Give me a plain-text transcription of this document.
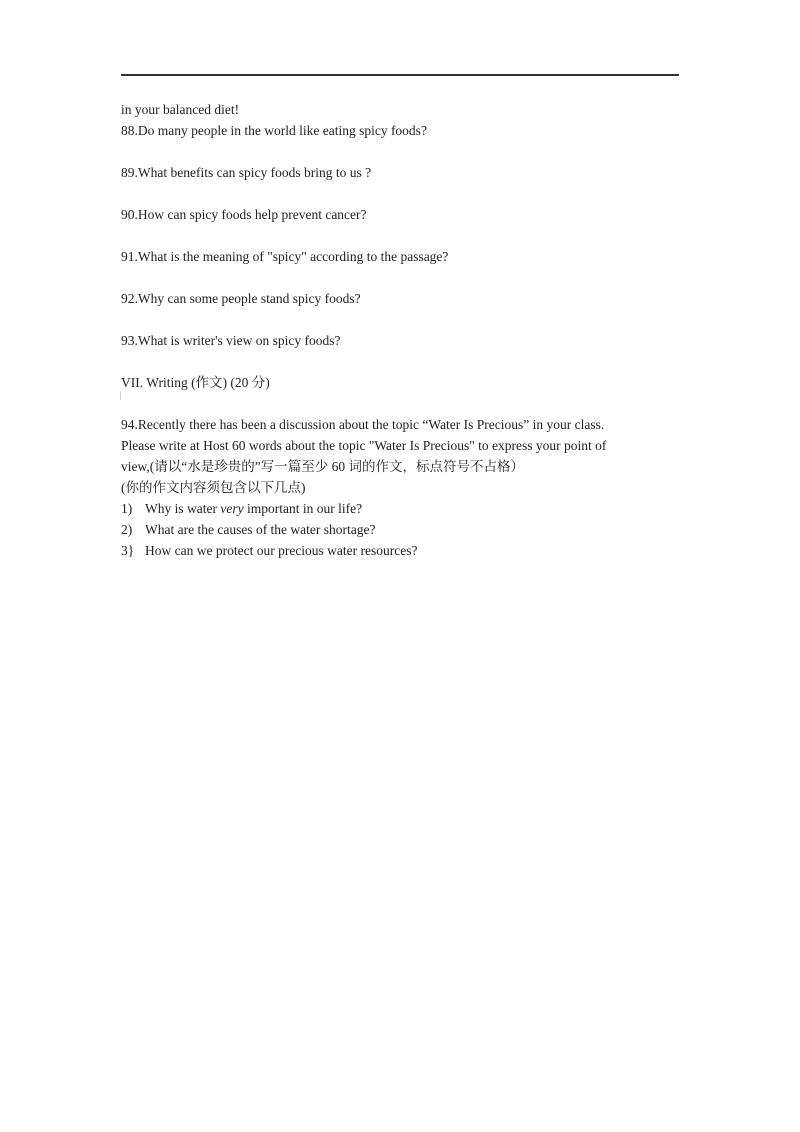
in your balanced diet!

88.Do many people in the world like eating spicy foods?

89.What benefits can spicy foods bring to us ?

90.How can spicy foods help prevent cancer?

91.What is the meaning of "spicy" according to the passage?

92.Why can some people stand spicy foods?

93.What is writer's view on spicy foods?

VII. Writing (作文) (20 分)

94.Recently there has been a discussion about the topic “Water Is Precious” in your class.

Please write at Host 60 words about the topic "Water Is Precious" to express your point of

view,(请以“水是珍贵的”写一篇至少 60 词的作文，标点符号不占格）

(你的作文内容须包含以下几点)

1) Why is water very important in our life?

2) What are the causes of the water shortage?

3} How can we protect our precious water resources?
